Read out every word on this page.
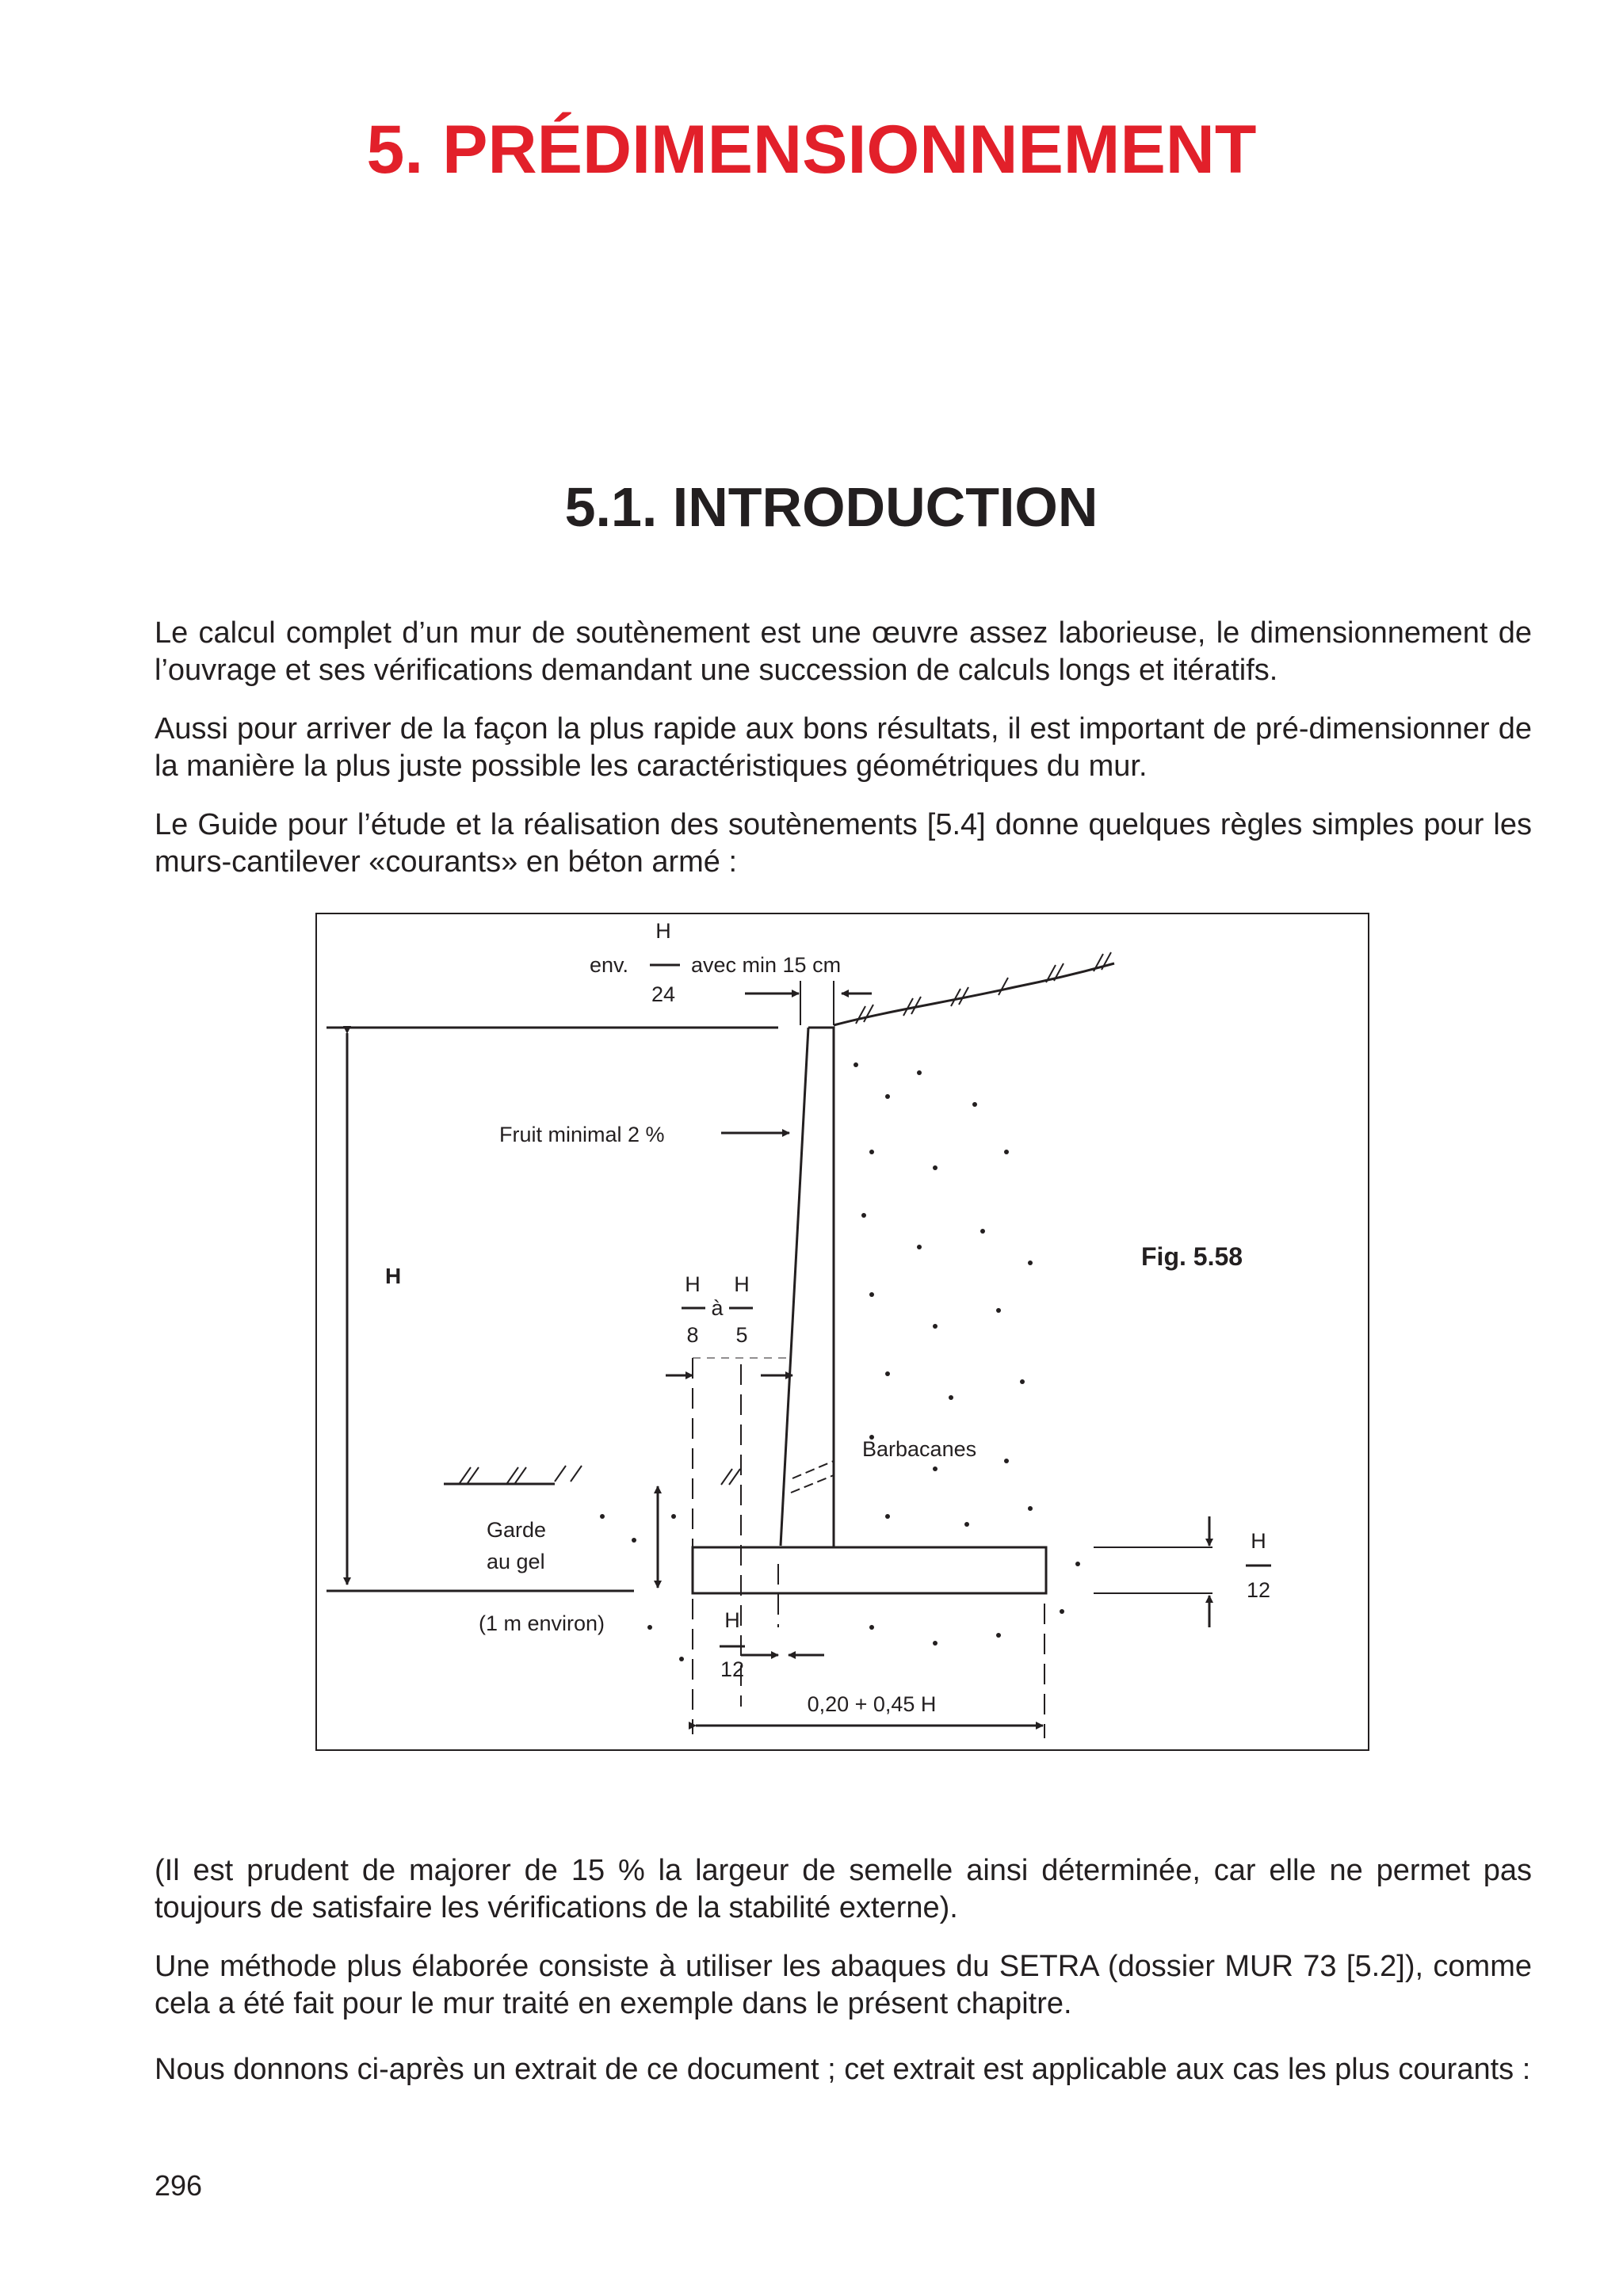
5. PRÉDIMENSIONNEMENT
5.1. INTRODUCTION

Le calcul complet d’un mur de soutènement est une œuvre assez laborieuse, le dimensionnement de l’ouvrage et ses vérifications demandant une succession de calculs longs et itératifs.

Aussi pour arriver de la façon la plus rapide aux bons résultats, il est important de pré-dimensionner de la manière la plus juste possible les caractéristiques géométriques du mur.

Le Guide pour l’étude et la réalisation des soutènements [5.4] donne quelques règles simples pour les murs-cantilever «courants» en béton armé :

H
env.	avec min 15 cm
24
Fruit minimal 2 %
H	H H
à
8 5
Barbacanes
Garde
au gel
(1 m environ)	H
12
H
12
0,20 + 0,45 H

Fig. 5.58

(Il est prudent de majorer de 15 % la largeur de semelle ainsi déterminée, car elle ne permet pas toujours de satisfaire les vérifications de la stabilité externe).

Une méthode plus élaborée consiste à utiliser les abaques du SETRA (dossier MUR 73 [5.2]), comme cela a été fait pour le mur traité en exemple dans le présent chapitre.

Nous donnons ci-après un extrait de ce document ; cet extrait est applicable aux cas les plus courants :

296
